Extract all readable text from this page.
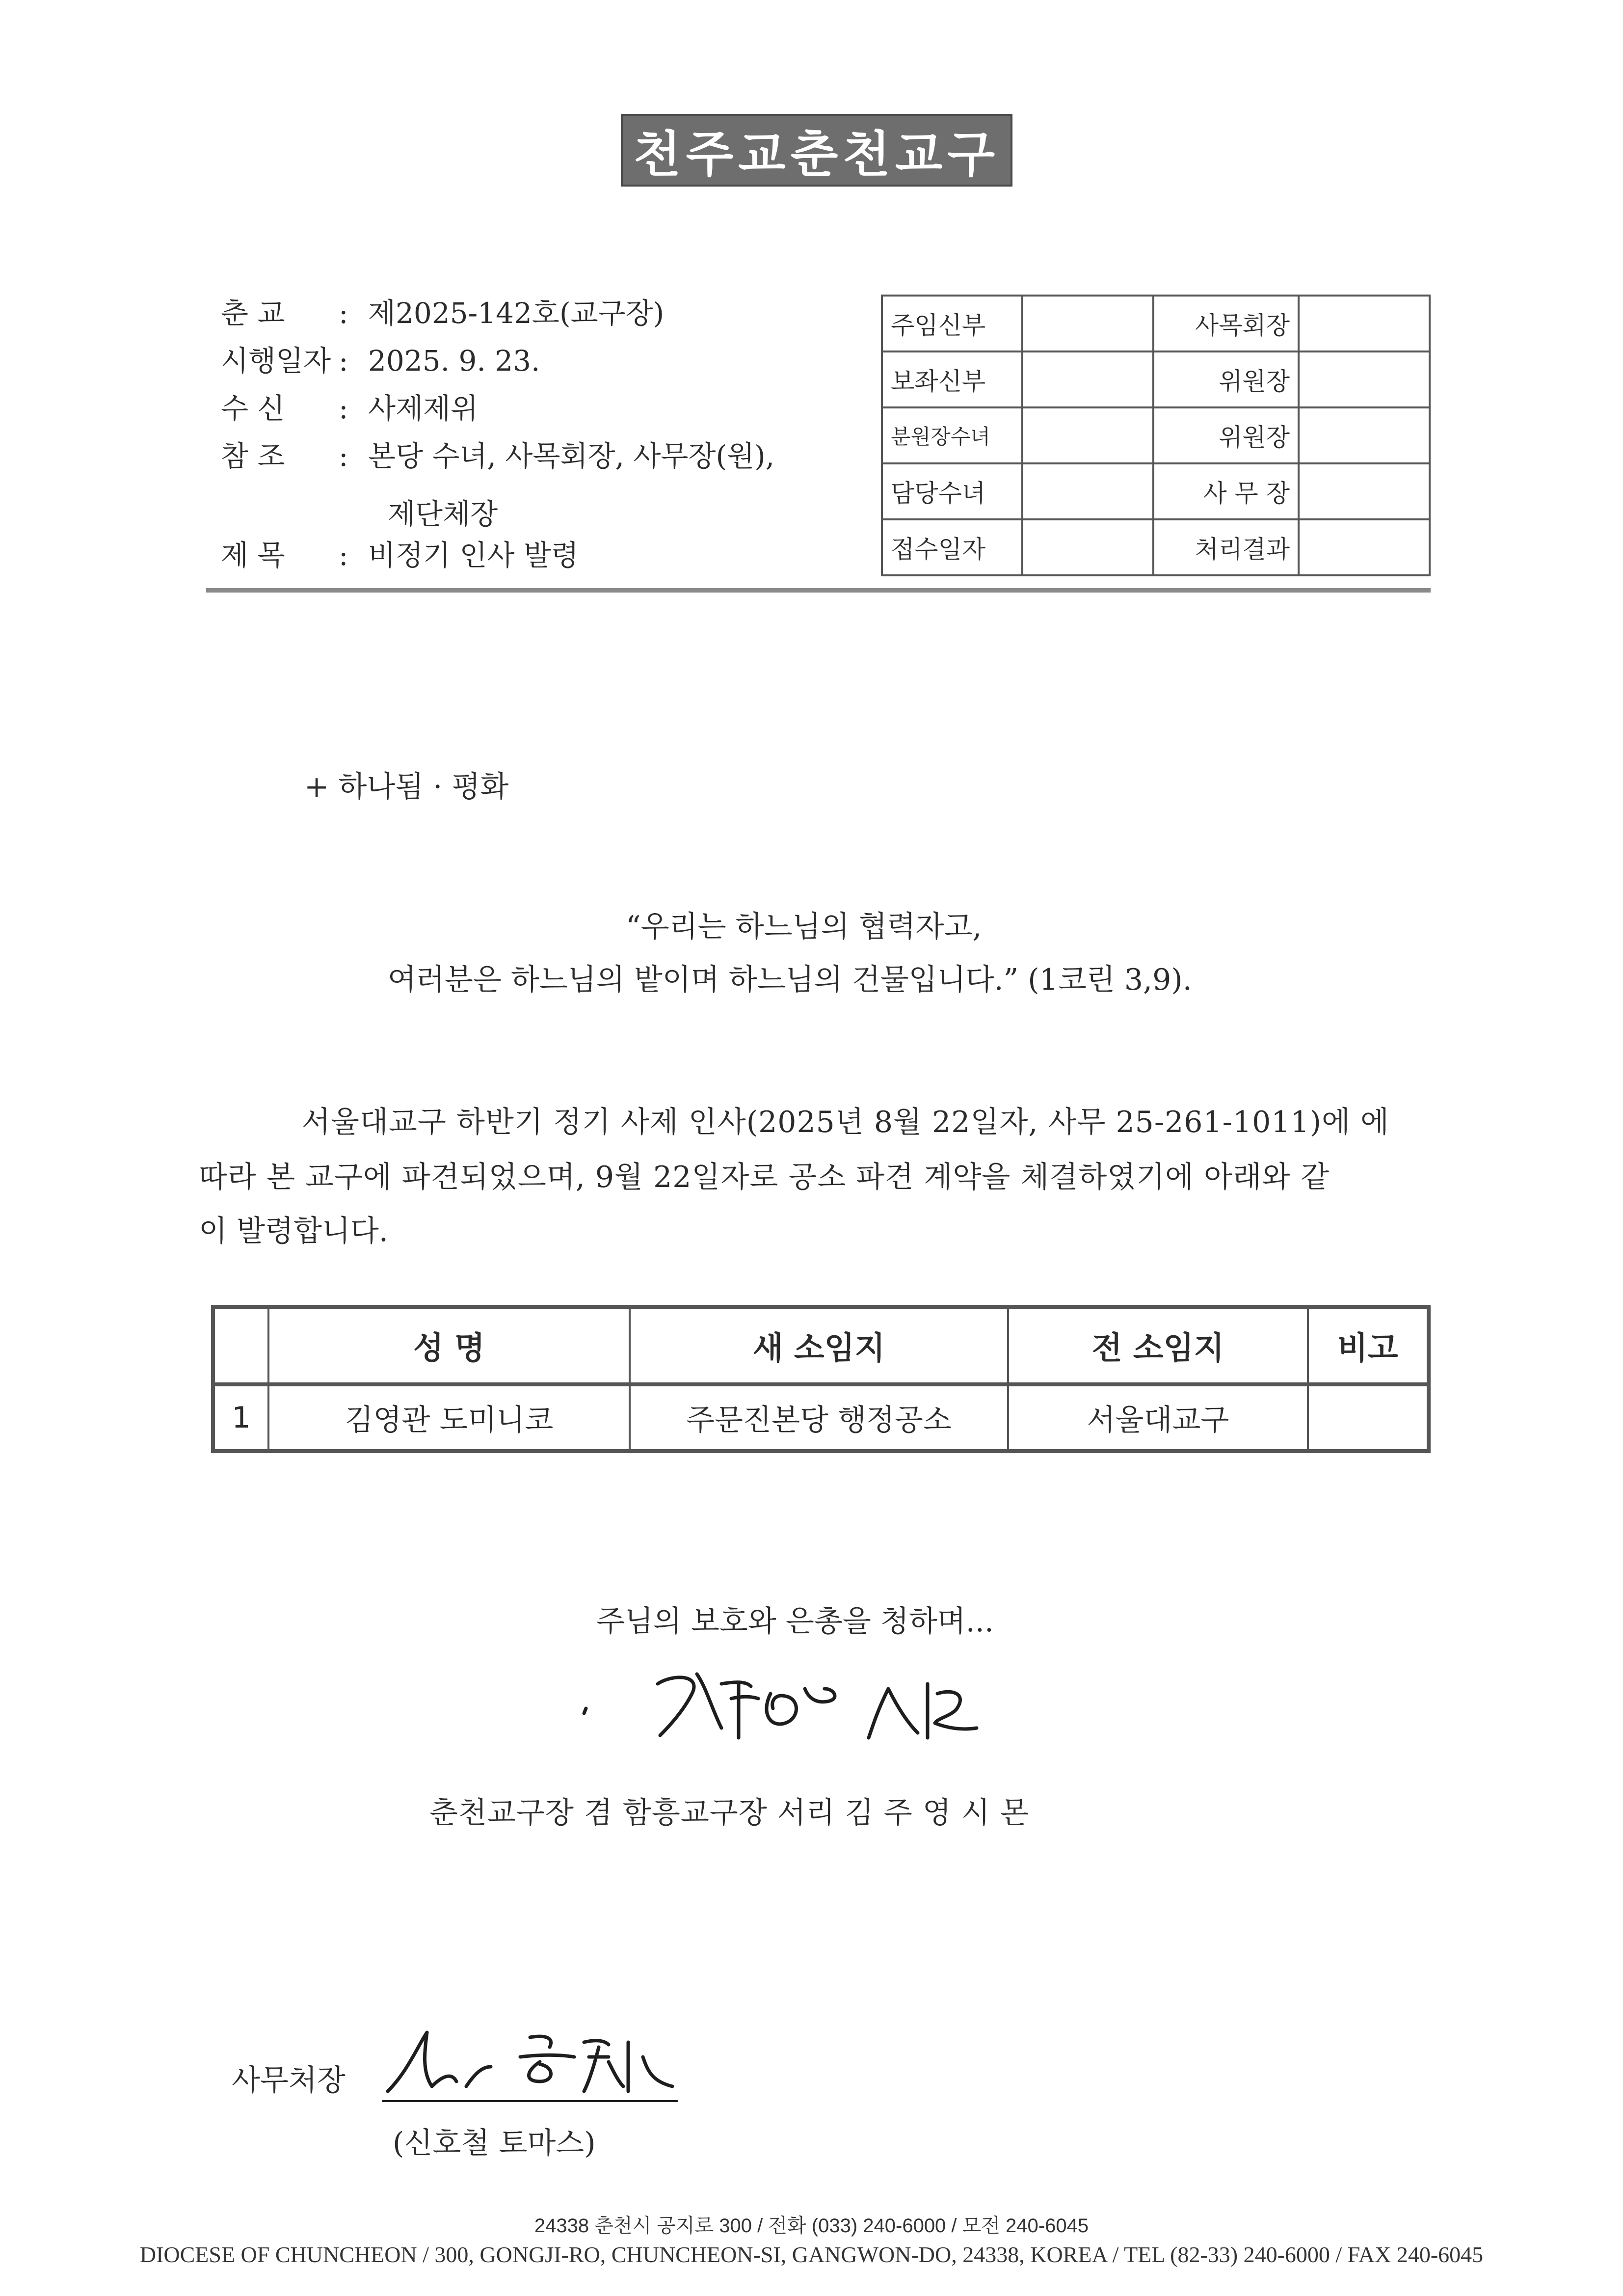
천주교춘천교구
춘 교 : 제2025-142호(교구장)
시행일자 : 2025. 9. 23.
수 신 : 사제제위
참 조 : 본당 수녀, 사목회장, 사무장(원),
제단체장
제 목 : 비정기 인사 발령
주임신부		사목회장	
보좌신부		위원장	
분원장수녀		위원장	
담당수녀		사 무 장	
접수일자		처리결과	
+ 하나됨 · 평화
“우리는 하느님의 협력자고,
여러분은 하느님의 밭이며 하느님의 건물입니다.” (1코린 3,9).
서울대교구 하반기 정기 사제 인사(2025년 8월 22일자, 사무 25-261-1011)에 에
따라 본 교구에 파견되었으며, 9월 22일자로 공소 파견 계약을 체결하였기에 아래와 같
이 발령합니다.
	성 명	새 소임지	전 소임지	비고
1	김영관 도미니코	주문진본당 행정공소	서울대교구	
주님의 보호와 은총을 청하며...
춘천교구장 겸 함흥교구장 서리 김 주 영 시 몬
사무처장
(신호철 토마스)
24338 춘천시 공지로 300 / 전화 (033) 240-6000 / 모전 240-6045
DIOCESE OF CHUNCHEON / 300, GONGJI-RO, CHUNCHEON-SI, GANGWON-DO, 24338, KOREA / TEL (82-33) 240-6000 / FAX 240-6045
